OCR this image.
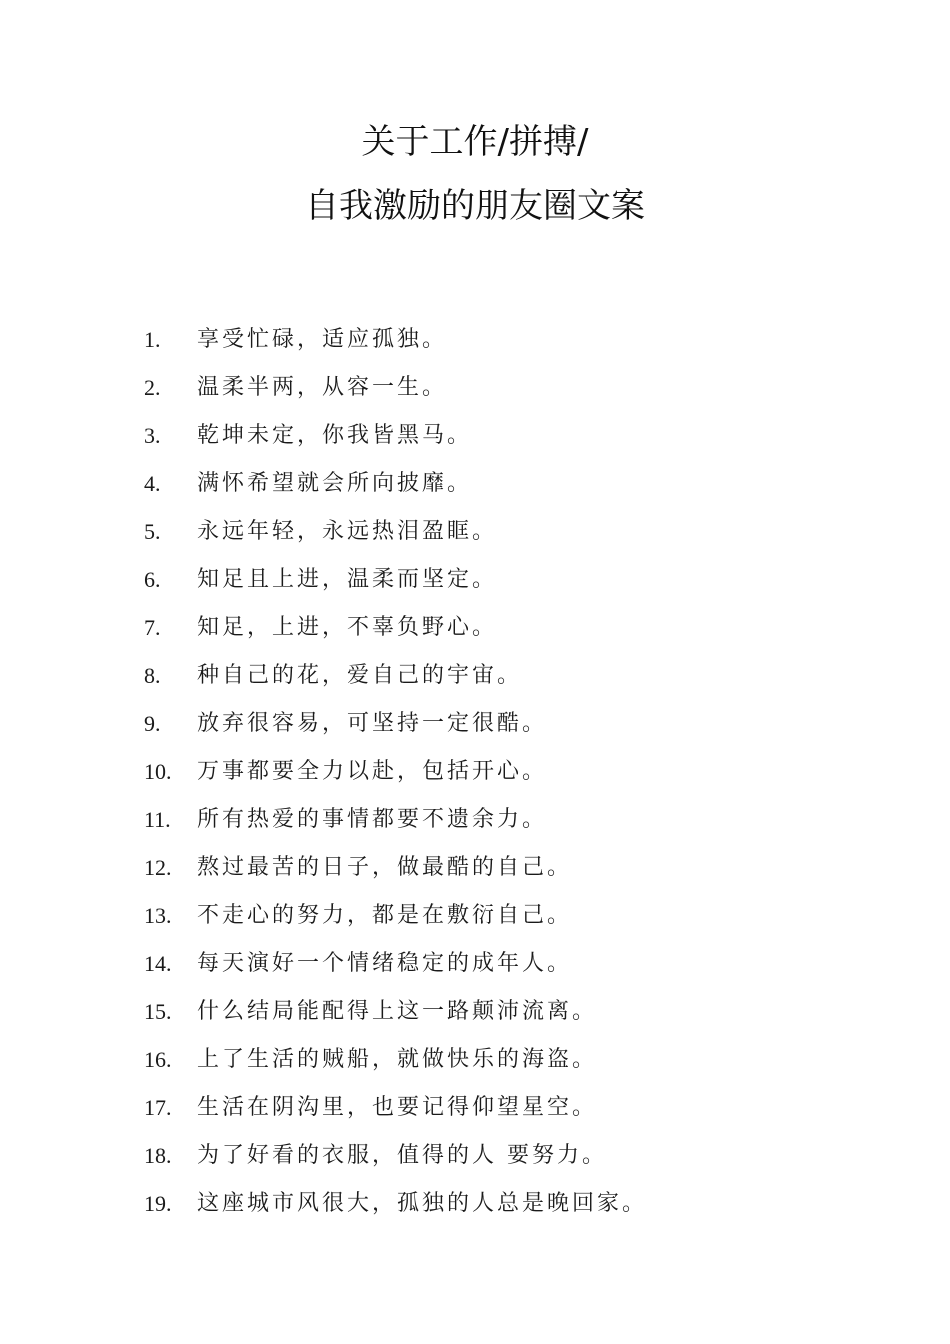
关于工作/拼搏/
自我激励的朋友圈文案
1.	享受忙碌，适应孤独。
2.	温柔半两，从容一生。
3.	乾坤未定，你我皆黑马。
4.	满怀希望就会所向披靡。
5.	永远年轻，永远热泪盈眶。
6.	知足且上进，温柔而坚定。
7.	知足，上进，不辜负野心。
8.	种自己的花，爱自己的宇宙。
9.	放弃很容易，可坚持一定很酷。
10.	万事都要全力以赴，包括开心。
11.	所有热爱的事情都要不遗余力。
12.	熬过最苦的日子，做最酷的自己。
13.	不走心的努力，都是在敷衍自己。
14.	每天演好一个情绪稳定的成年人。
15.	什么结局能配得上这一路颠沛流离。
16.	上了生活的贼船，就做快乐的海盗。
17.	生活在阴沟里，也要记得仰望星空。
18.	为了好看的衣服，值得的人 要努力。
19.	这座城市风很大，孤独的人总是晚回家。
